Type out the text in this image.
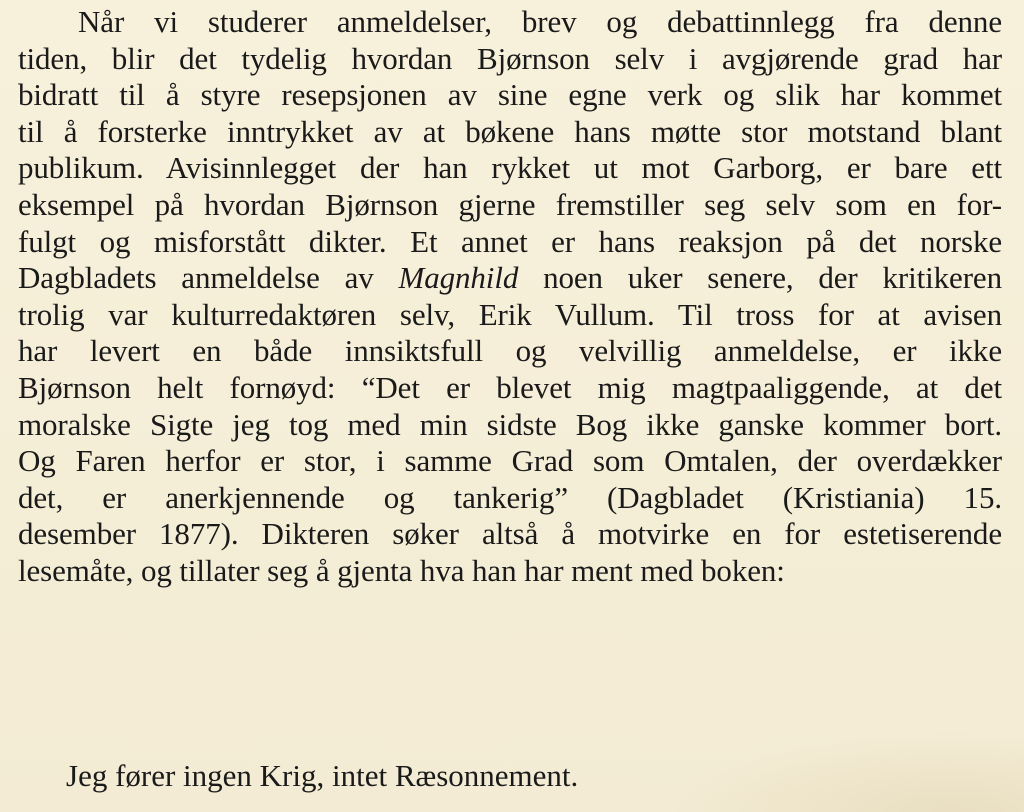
Når vi studerer anmeldelser, brev og debattinnlegg fra denne
tiden, blir det tydelig hvordan Bjørnson selv i avgjørende grad har
bidratt til å styre resepsjonen av sine egne verk og slik har kommet
til å forsterke inntrykket av at bøkene hans møtte stor motstand blant
publikum. Avisinnlegget der han rykket ut mot Garborg, er bare ett
eksempel på hvordan Bjørnson gjerne fremstiller seg selv som en for-
fulgt og misforstått dikter. Et annet er hans reaksjon på det norske
Dagbladets anmeldelse av Magnhild noen uker senere, der kritikeren
trolig var kulturredaktøren selv, Erik Vullum. Til tross for at avisen
har levert en både innsiktsfull og velvillig anmeldelse, er ikke
Bjørnson helt fornøyd: “Det er blevet mig magtpaaliggende, at det
moralske Sigte jeg tog med min sidste Bog ikke ganske kommer bort.
Og Faren herfor er stor, i samme Grad som Omtalen, der overdækker
det, er anerkjennende og tankerig” (Dagbladet (Kristiania) 15.
desember 1877). Dikteren søker altså å motvirke en for estetiserende
lesemåte, og tillater seg å gjenta hva han har ment med boken:
Jeg fører ingen Krig, intet Ræsonnement.
